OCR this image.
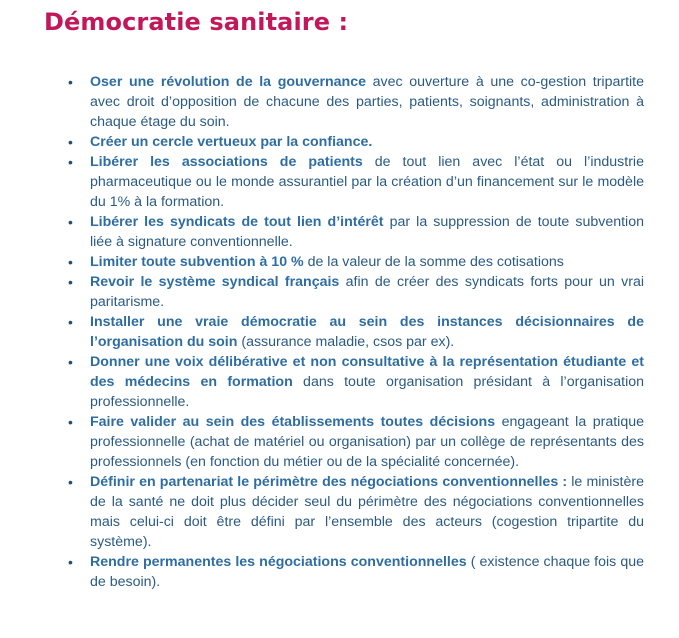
Démocratie sanitaire :
•	Oser une révolution de la gouvernance avec ouverture à une co-gestion tripartite avec droit d’opposition de chacune des parties, patients, soignants, administration à chaque étage du soin.
•	Créer un cercle vertueux par la confiance.
•	Libérer les associations de patients de tout lien avec l’état ou l’industrie pharmaceutique ou le monde assurantiel par la création d’un financement sur le modèle du 1% à la formation.
•	Libérer les syndicats de tout lien d’intérêt par la suppression de toute subvention liée à signature conventionnelle.
•	Limiter toute subvention à 10 % de la valeur de la somme des cotisations
•	Revoir le système syndical français afin de créer des syndicats forts pour un vrai paritarisme.
•	Installer une vraie démocratie au sein des instances décisionnaires de l’organisation du soin (assurance maladie, csos par ex).
•	Donner une voix délibérative et non consultative à la représentation étudiante et des médecins en formation dans toute organisation présidant à l’organisation professionnelle.
•	Faire valider au sein des établissements toutes décisions engageant la pratique professionnelle (achat de matériel ou organisation) par un collège de représentants des professionnels (en fonction du métier ou de la spécialité concernée).
•	Définir en partenariat le périmètre des négociations conventionnelles : le ministère de la santé ne doit plus décider seul du périmètre des négociations conventionnelles mais celui-ci doit être défini par l’ensemble des acteurs (cogestion tripartite du système).
•	Rendre permanentes les négociations conventionnelles ( existence chaque fois que de besoin).
